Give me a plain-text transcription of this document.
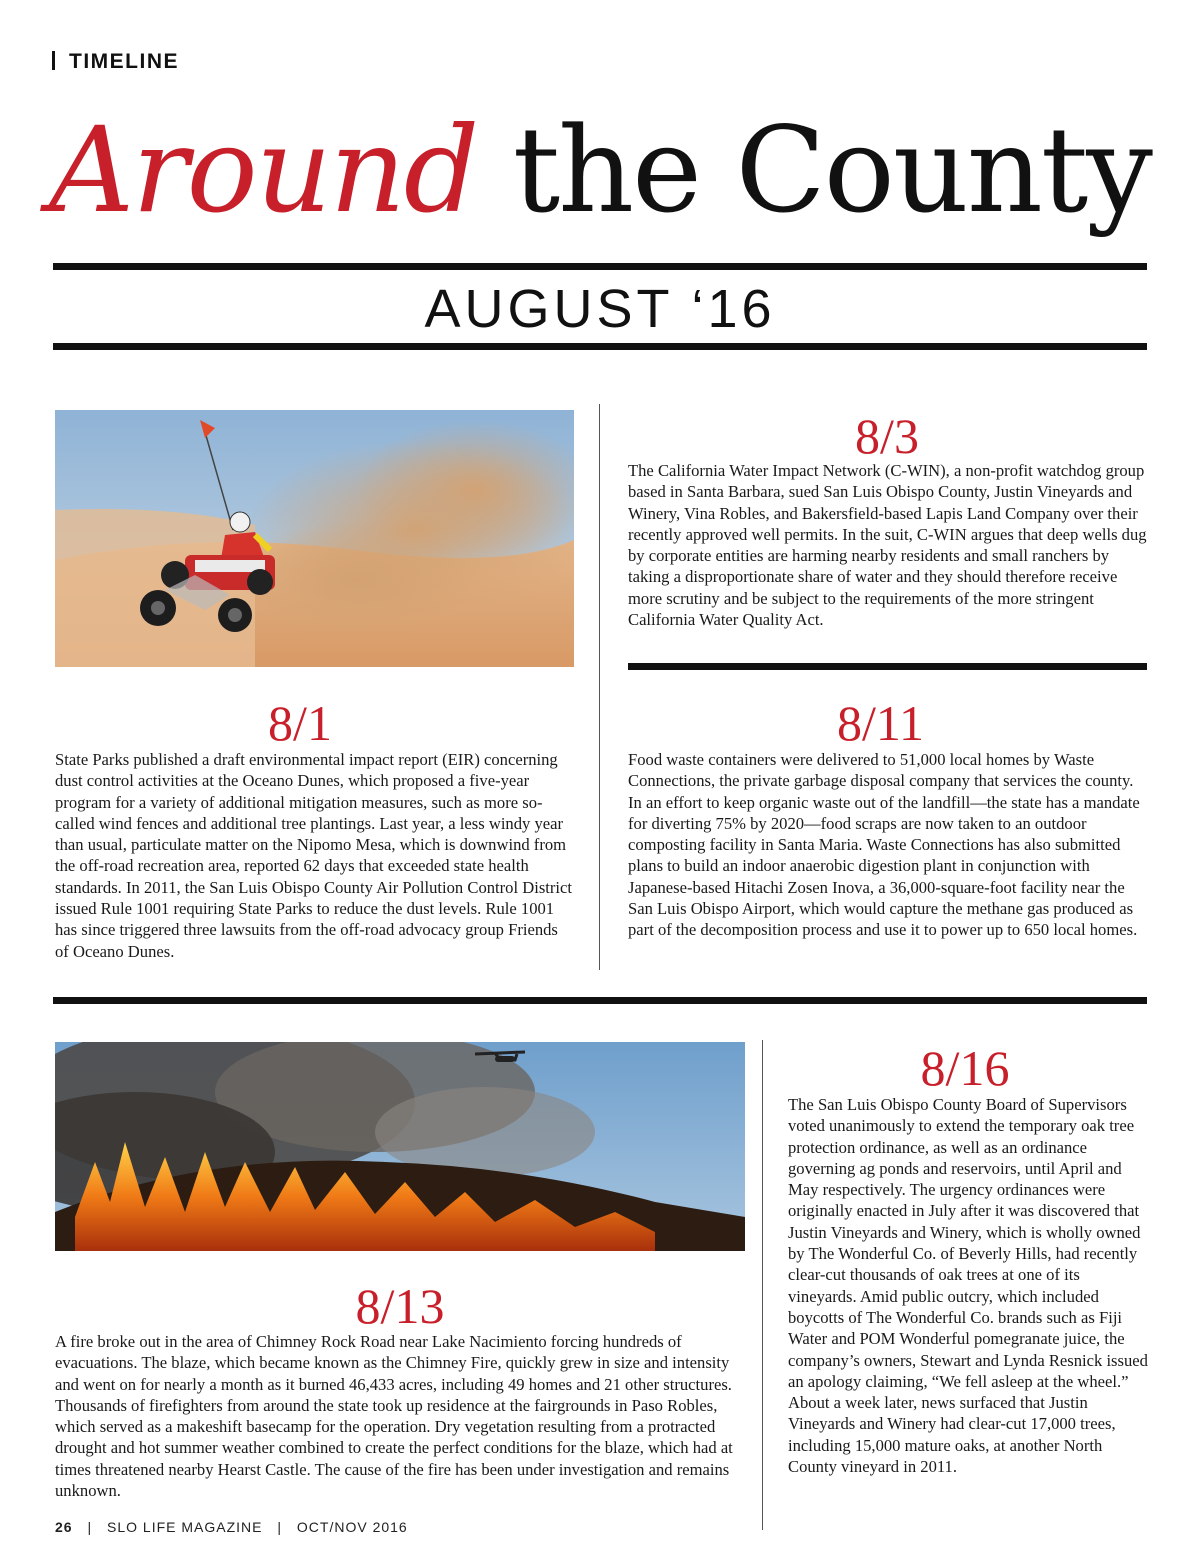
TIMELINE
Around the County
AUGUST ‘16
8/3

The California Water Impact Network (C-WIN), a non-profit watchdog group based in Santa Barbara, sued San Luis Obispo County, Justin Vineyards and Winery, Vina Robles, and Bakersfield-based Lapis Land Company over their recently approved well permits. In the suit, C-WIN argues that deep wells dug by corporate entities are harming nearby residents and small ranchers by taking a disproportionate share of water and they should therefore receive more scrutiny and be subject to the requirements of the more stringent California Water Quality Act.

8/1

State Parks published a draft environmental impact report (EIR) concerning dust control activities at the Oceano Dunes, which proposed a five-year program for a variety of additional mitigation measures, such as more so-called wind fences and additional tree plantings. Last year, a less windy year than usual, particulate matter on the Nipomo Mesa, which is downwind from the off-road recreation area, reported 62 days that exceeded state health standards. In 2011, the San Luis Obispo County Air Pollution Control District issued Rule 1001 requiring State Parks to reduce the dust levels. Rule 1001 has since triggered three lawsuits from the off-road advocacy group Friends of Oceano Dunes.

8/11

Food waste containers were delivered to 51,000 local homes by Waste Connections, the private garbage disposal company that services the county. In an effort to keep organic waste out of the landfill—the state has a mandate for diverting 75% by 2020—food scraps are now taken to an outdoor composting facility in Santa Maria. Waste Connections has also submitted plans to build an indoor anaerobic digestion plant in conjunction with Japanese-based Hitachi Zosen Inova, a 36,000-square-foot facility near the San Luis Obispo Airport, which would capture the methane gas produced as part of the decomposition process and use it to power up to 650 local homes.

8/16

The San Luis Obispo County Board of Supervisors voted unanimously to extend the temporary oak tree protection ordinance, as well as an ordinance governing ag ponds and reservoirs, until April and May respectively. The urgency ordinances were originally enacted in July after it was discovered that Justin Vineyards and Winery, which is wholly owned by The Wonderful Co. of Beverly Hills, had recently clear-cut thousands of oak trees at one of its vineyards. Amid public outcry, which included boycotts of The Wonderful Co. brands such as Fiji Water and POM Wonderful pomegranate juice, the company’s owners, Stewart and Lynda Resnick issued an apology claiming, “We fell asleep at the wheel.” About a week later, news surfaced that Justin Vineyards and Winery had clear-cut 17,000 trees, including 15,000 mature oaks, at another North County vineyard in 2011.

8/13

A fire broke out in the area of Chimney Rock Road near Lake Nacimiento forcing hundreds of evacuations. The blaze, which became known as the Chimney Fire, quickly grew in size and intensity and went on for nearly a month as it burned 46,433 acres, including 49 homes and 21 other structures. Thousands of firefighters from around the state took up residence at the fairgrounds in Paso Robles, which served as a makeshift basecamp for the operation. Dry vegetation resulting from a protracted drought and hot summer weather combined to create the perfect conditions for the blaze, which had at times threatened nearby Hearst Castle. The cause of the fire has been under investigation and remains unknown.

26 | SLO LIFE MAGAZINE | OCT/NOV 2016
